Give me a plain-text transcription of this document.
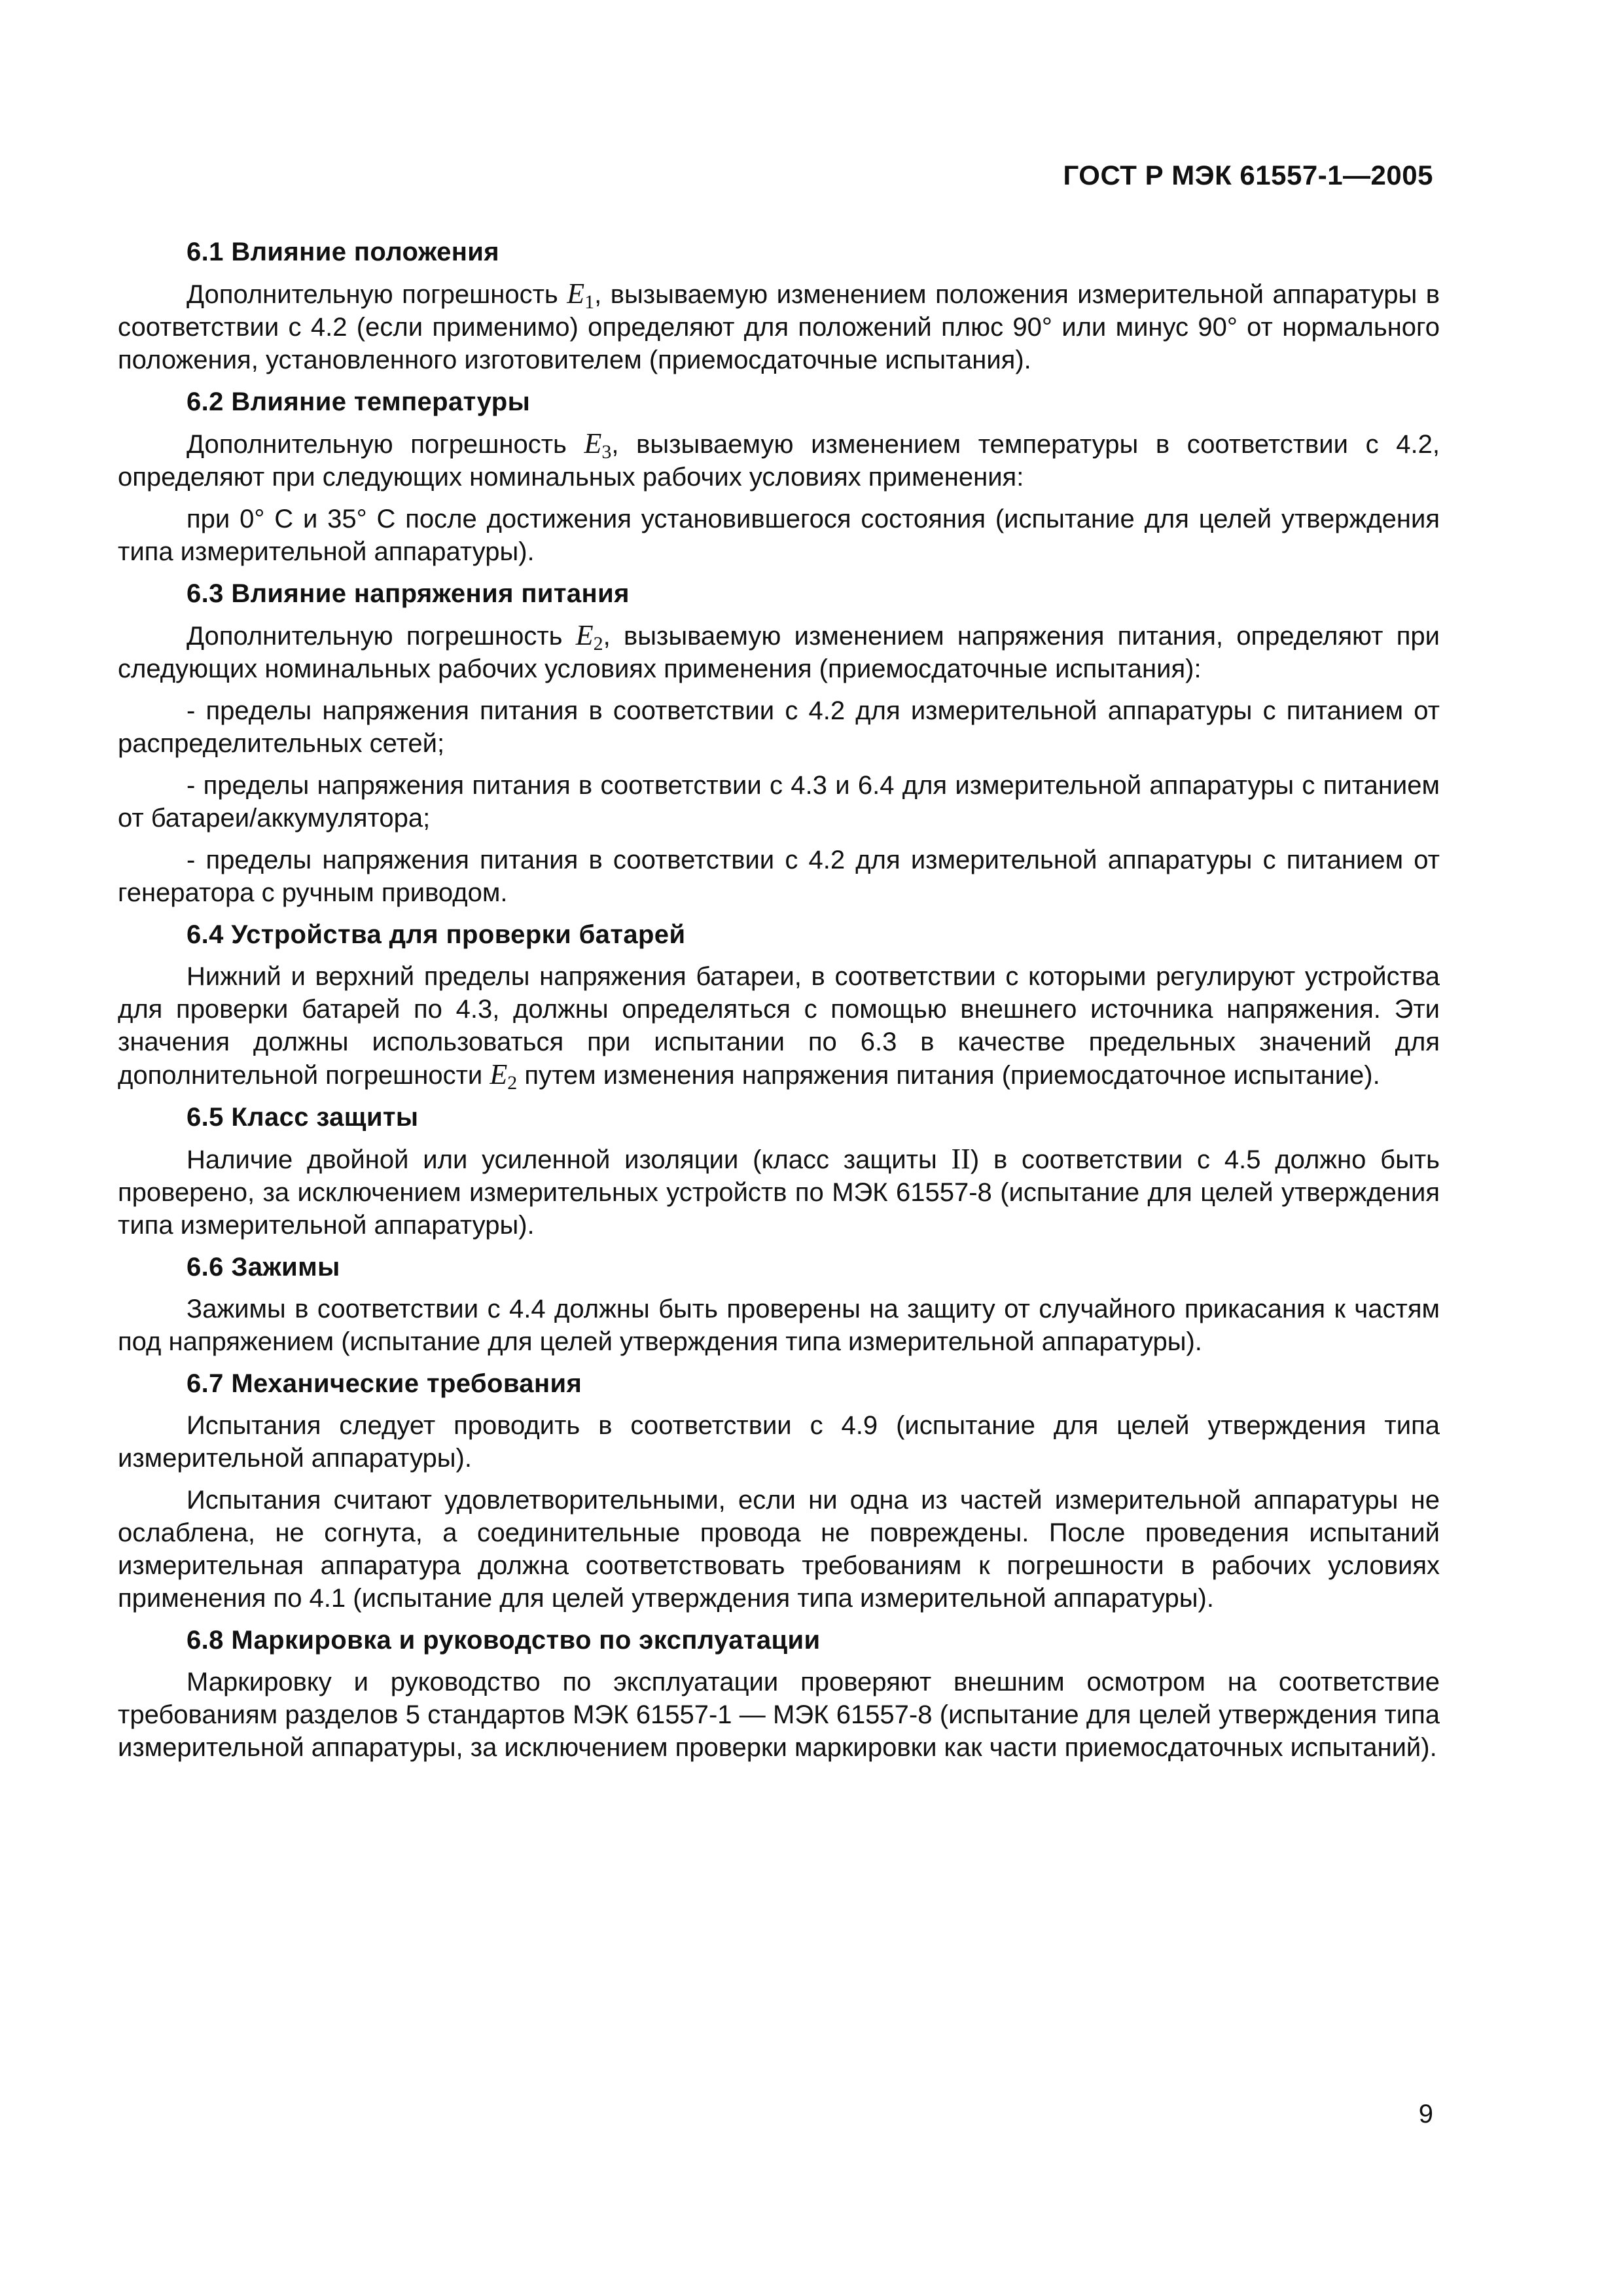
ГОСТ Р МЭК 61557-1—2005
6.1 Влияние положения

Дополнительную погрешность $E_1$, вызываемую изменением положения измерительной аппаратуры в соответствии с 4.2 (если применимо) определяют для положений плюс 90° или минус 90° от нормального положения, установленного изготовителем (приемосдаточные испытания).

6.2 Влияние температуры

Дополнительную погрешность $E_3$, вызываемую изменением температуры в соответствии с 4.2, определяют при следующих номинальных рабочих условиях применения:

при 0° С и 35° С после достижения установившегося состояния (испытание для целей утверждения типа измерительной аппаратуры).

6.3 Влияние напряжения питания

Дополнительную погрешность $E_2$, вызываемую изменением напряжения питания, определяют при следующих номинальных рабочих условиях применения (приемосдаточные испытания):

- пределы напряжения питания в соответствии с 4.2 для измерительной аппаратуры с питанием от распределительных сетей;

- пределы напряжения питания в соответствии с 4.3 и 6.4 для измерительной аппаратуры с питанием от батареи/аккумулятора;

- пределы напряжения питания в соответствии с 4.2 для измерительной аппаратуры с питанием от генератора с ручным приводом.

6.4 Устройства для проверки батарей

Нижний и верхний пределы напряжения батареи, в соответствии с которыми регулируют устройства для проверки батарей по 4.3, должны определяться с помощью внешнего источника напряжения. Эти значения должны использоваться при испытании по 6.3 в качестве предельных значений для дополнительной погрешности $E_2$ путем изменения напряжения питания (приемосдаточное испытание).

6.5 Класс защиты

Наличие двойной или усиленной изоляции (класс защиты II) в соответствии с 4.5 должно быть проверено, за исключением измерительных устройств по МЭК 61557-8 (испытание для целей утверждения типа измерительной аппаратуры).

6.6 Зажимы

Зажимы в соответствии с 4.4 должны быть проверены на защиту от случайного прикасания к частям под напряжением (испытание для целей утверждения типа измерительной аппаратуры).

6.7 Механические требования

Испытания следует проводить в соответствии с 4.9 (испытание для целей утверждения типа измерительной аппаратуры).

Испытания считают удовлетворительными, если ни одна из частей измерительной аппаратуры не ослаблена, не согнута, а соединительные провода не повреждены. После проведения испытаний измерительная аппаратура должна соответствовать требованиям к погрешности в рабочих условиях применения по 4.1 (испытание для целей утверждения типа измерительной аппаратуры).

6.8 Маркировка и руководство по эксплуатации

Маркировку и руководство по эксплуатации проверяют внешним осмотром на соответствие требованиям разделов 5 стандартов МЭК 61557-1 — МЭК 61557-8 (испытание для целей утверждения типа измерительной аппаратуры, за исключением проверки маркировки как части приемосдаточных испытаний).

9
